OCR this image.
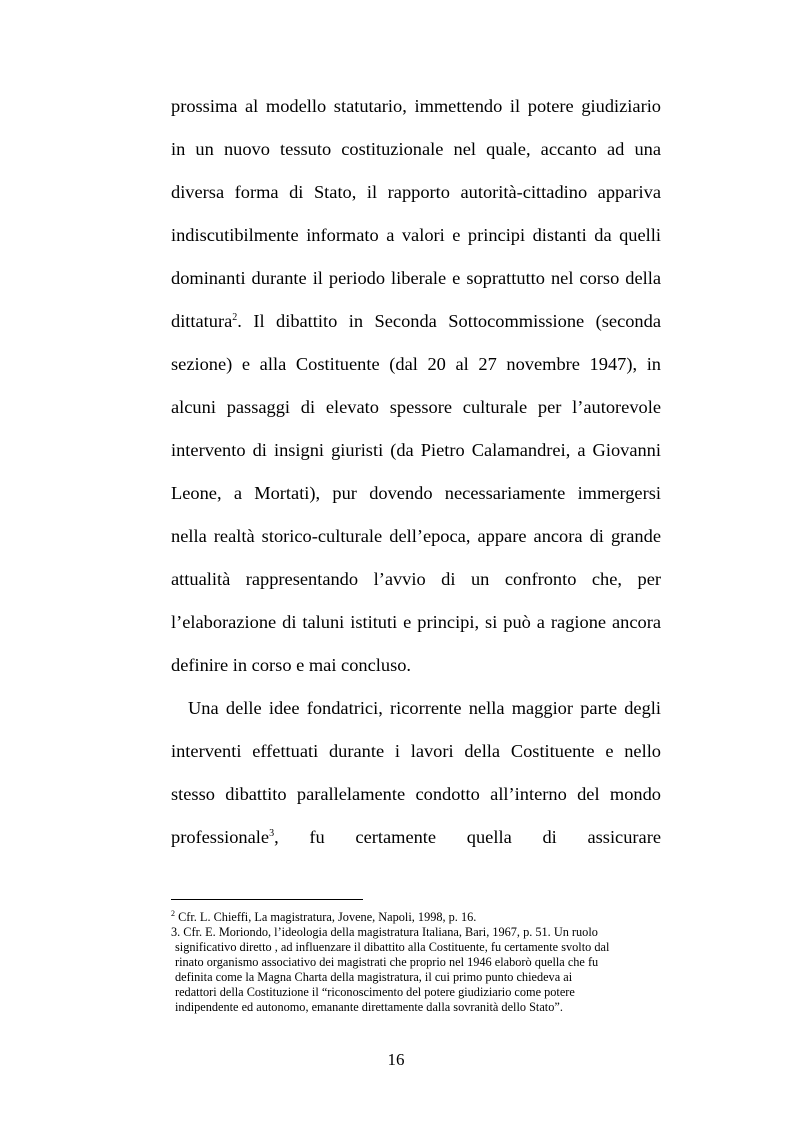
prossima al modello statutario, immettendo il potere giudiziario
in un nuovo tessuto costituzionale nel quale, accanto ad una
diversa forma di Stato, il rapporto autorità-cittadino appariva
indiscutibilmente informato a valori e principi distanti da quelli
dominanti durante il periodo liberale e soprattutto nel corso della
dittatura$^2$. Il dibattito in Seconda Sottocommissione (seconda
sezione) e alla Costituente (dal 20 al 27 novembre 1947), in
alcuni passaggi di elevato spessore culturale per l’autorevole
intervento di insigni giuristi (da Pietro Calamandrei, a Giovanni
Leone, a Mortati), pur dovendo necessariamente immergersi
nella realtà storico-culturale dell’epoca, appare ancora di grande
attualità rappresentando l’avvio di un confronto che, per
l’elaborazione di taluni istituti e principi, si può a ragione ancora
definire in corso e mai concluso.
Una delle idee fondatrici, ricorrente nella maggior parte degli
interventi effettuati durante i lavori della Costituente e nello
stesso dibattito parallelamente condotto all’interno del mondo
professionale$^3$, fu certamente quella di assicurare
$^2$ Cfr. L. Chieffi, La magistratura, Jovene, Napoli, 1998, p. 16.
3. Cfr. E. Moriondo, l’ideologia della magistratura Italiana, Bari, 1967, p. 51. Un ruolo
significativo diretto , ad influenzare il dibattito alla Costituente, fu certamente svolto dal
rinato organismo associativo dei magistrati che proprio nel 1946 elaborò quella che fu
definita come la Magna Charta della magistratura, il cui primo punto chiedeva ai
redattori della Costituzione il “riconoscimento del potere giudiziario come potere
indipendente ed autonomo, emanante direttamente dalla sovranità dello Stato”.
16
